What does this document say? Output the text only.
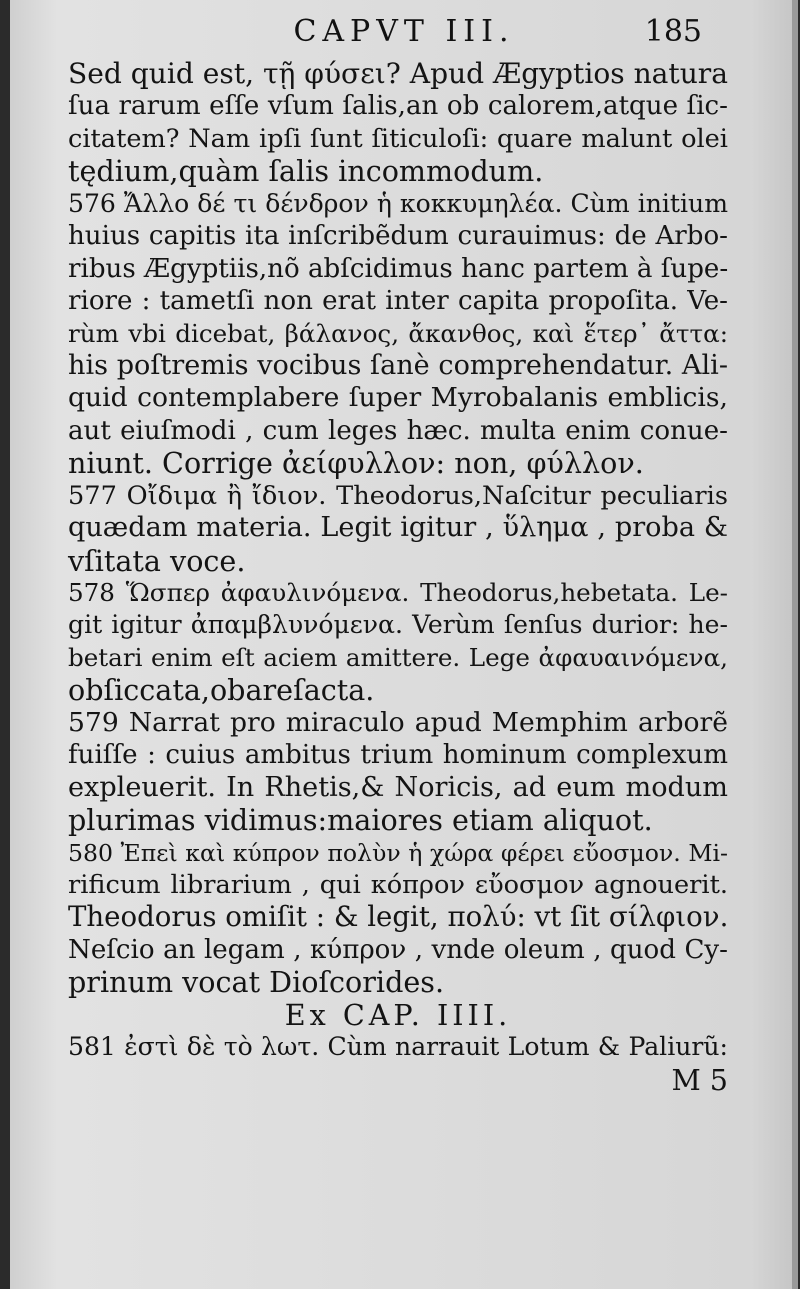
CAPVT III.	185
Sed quid est, τῇ φύσει? Apud Ægyptios natura
ſua rarum eſſe vſum ſalis,an ob calorem,atque ſic-
citatem? Nam ipſi ſunt ſiticuloſi: quare malunt olei
tędium,quàm ſalis incommodum.
576 Ἄλλο δέ τι δένδρον ἡ κοκκυμηλέα. Cùm initium
huius capitis ita inſcribẽdum curauimus: de Arbo-
ribus Ægyptiis,nõ abſcidimus hanc partem à ſupe-
riore : tametſi non erat inter capita propoſita. Ve-
rùm vbi dicebat, βάλανος, ἄκανθος, καὶ ἕτερ᾽ ἄττα:
his poſtremis vocibus ſanè comprehendatur. Ali-
quid contemplabere ſuper Myrobalanis emblicis,
aut eiuſmodi , cum leges hæc. multa enim conue-
niunt. Corrige ἀείφυλλον: non, φύλλον.
577 Οἴδιμα ἢ ἴδιον. Theodorus,Naſcitur peculiaris
quædam materia. Legit igitur , ὕλημα , proba &
vſitata voce.
578 Ὥσπερ ἀφαυλινόμενα. Theodorus,hebetata. Le-
git igitur ἀπαμβλυνόμενα. Verùm ſenſus durior: he-
betari enim eſt aciem amittere. Lege ἀφαυαινόμενα,
obſiccata,obareſacta.
579 Narrat pro miraculo apud Memphim arborẽ
fuiſſe : cuius ambitus trium hominum complexum
expleuerit. In Rhetis,& Noricis, ad eum modum
plurimas vidimus:maiores etiam aliquot.
580 Ἐπεὶ καὶ κύπρον πολὺν ἡ χώρα φέρει εὔοσμον. Mi-
rificum librarium , qui κόπρον εὔοσμον agnouerit.
Theodorus omiſit : & legit, πολύ: vt ſit σίλφιον.
Neſcio an legam , κύπρον , vnde oleum , quod Cy-
prinum vocat Dioſcorides.
Ex CAP. IIII.
581 ἐστὶ δὲ τὸ λωτ. Cùm narrauit Lotum & Paliurũ:
M 5
